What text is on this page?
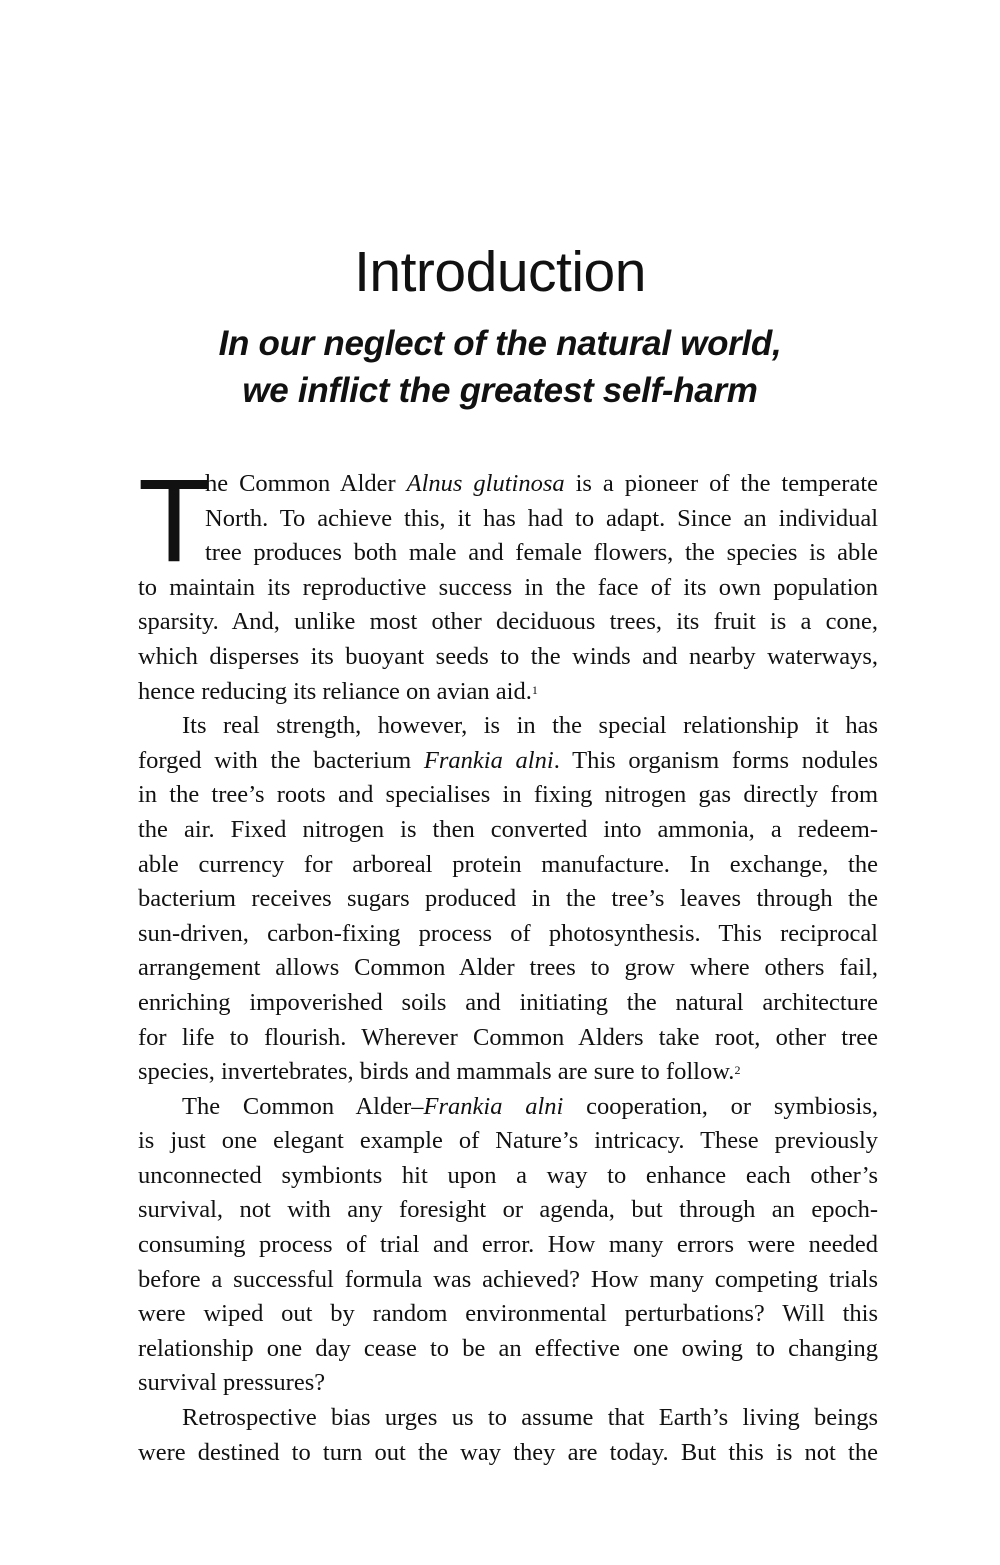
Introduction
In our neglect of the natural world,
we inflict the greatest self-harm
T
he Common Alder Alnus glutinosa is a pioneer of the temperate
North. To achieve this, it has had to adapt. Since an individual
tree produces both male and female flowers, the species is able
to maintain its reproductive success in the face of its own population
sparsity. And, unlike most other deciduous trees, its fruit is a cone,
which disperses its buoyant seeds to the winds and nearby waterways,
hence reducing its reliance on avian aid.$^1$
Its real strength, however, is in the special relationship it has
forged with the bacterium Frankia alni. This organism forms nodules
in the tree’s roots and specialises in fixing nitrogen gas directly from
the air. Fixed nitrogen is then converted into ammonia, a redeem-
able currency for arboreal protein manufacture. In exchange, the
bacterium receives sugars produced in the tree’s leaves through the
sun-driven, carbon-fixing process of photosynthesis. This reciprocal
arrangement allows Common Alder trees to grow where others fail,
enriching impoverished soils and initiating the natural architecture
for life to flourish. Wherever Common Alders take root, other tree
species, invertebrates, birds and mammals are sure to follow.$^2$
The Common Alder–Frankia alni cooperation, or symbiosis,
is just one elegant example of Nature’s intricacy. These previously
unconnected symbionts hit upon a way to enhance each other’s
survival, not with any foresight or agenda, but through an epoch-
consuming process of trial and error. How many errors were needed
before a successful formula was achieved? How many competing trials
were wiped out by random environmental perturbations? Will this
relationship one day cease to be an effective one owing to changing
survival pressures?
Retrospective bias urges us to assume that Earth’s living beings
were destined to turn out the way they are today. But this is not the
